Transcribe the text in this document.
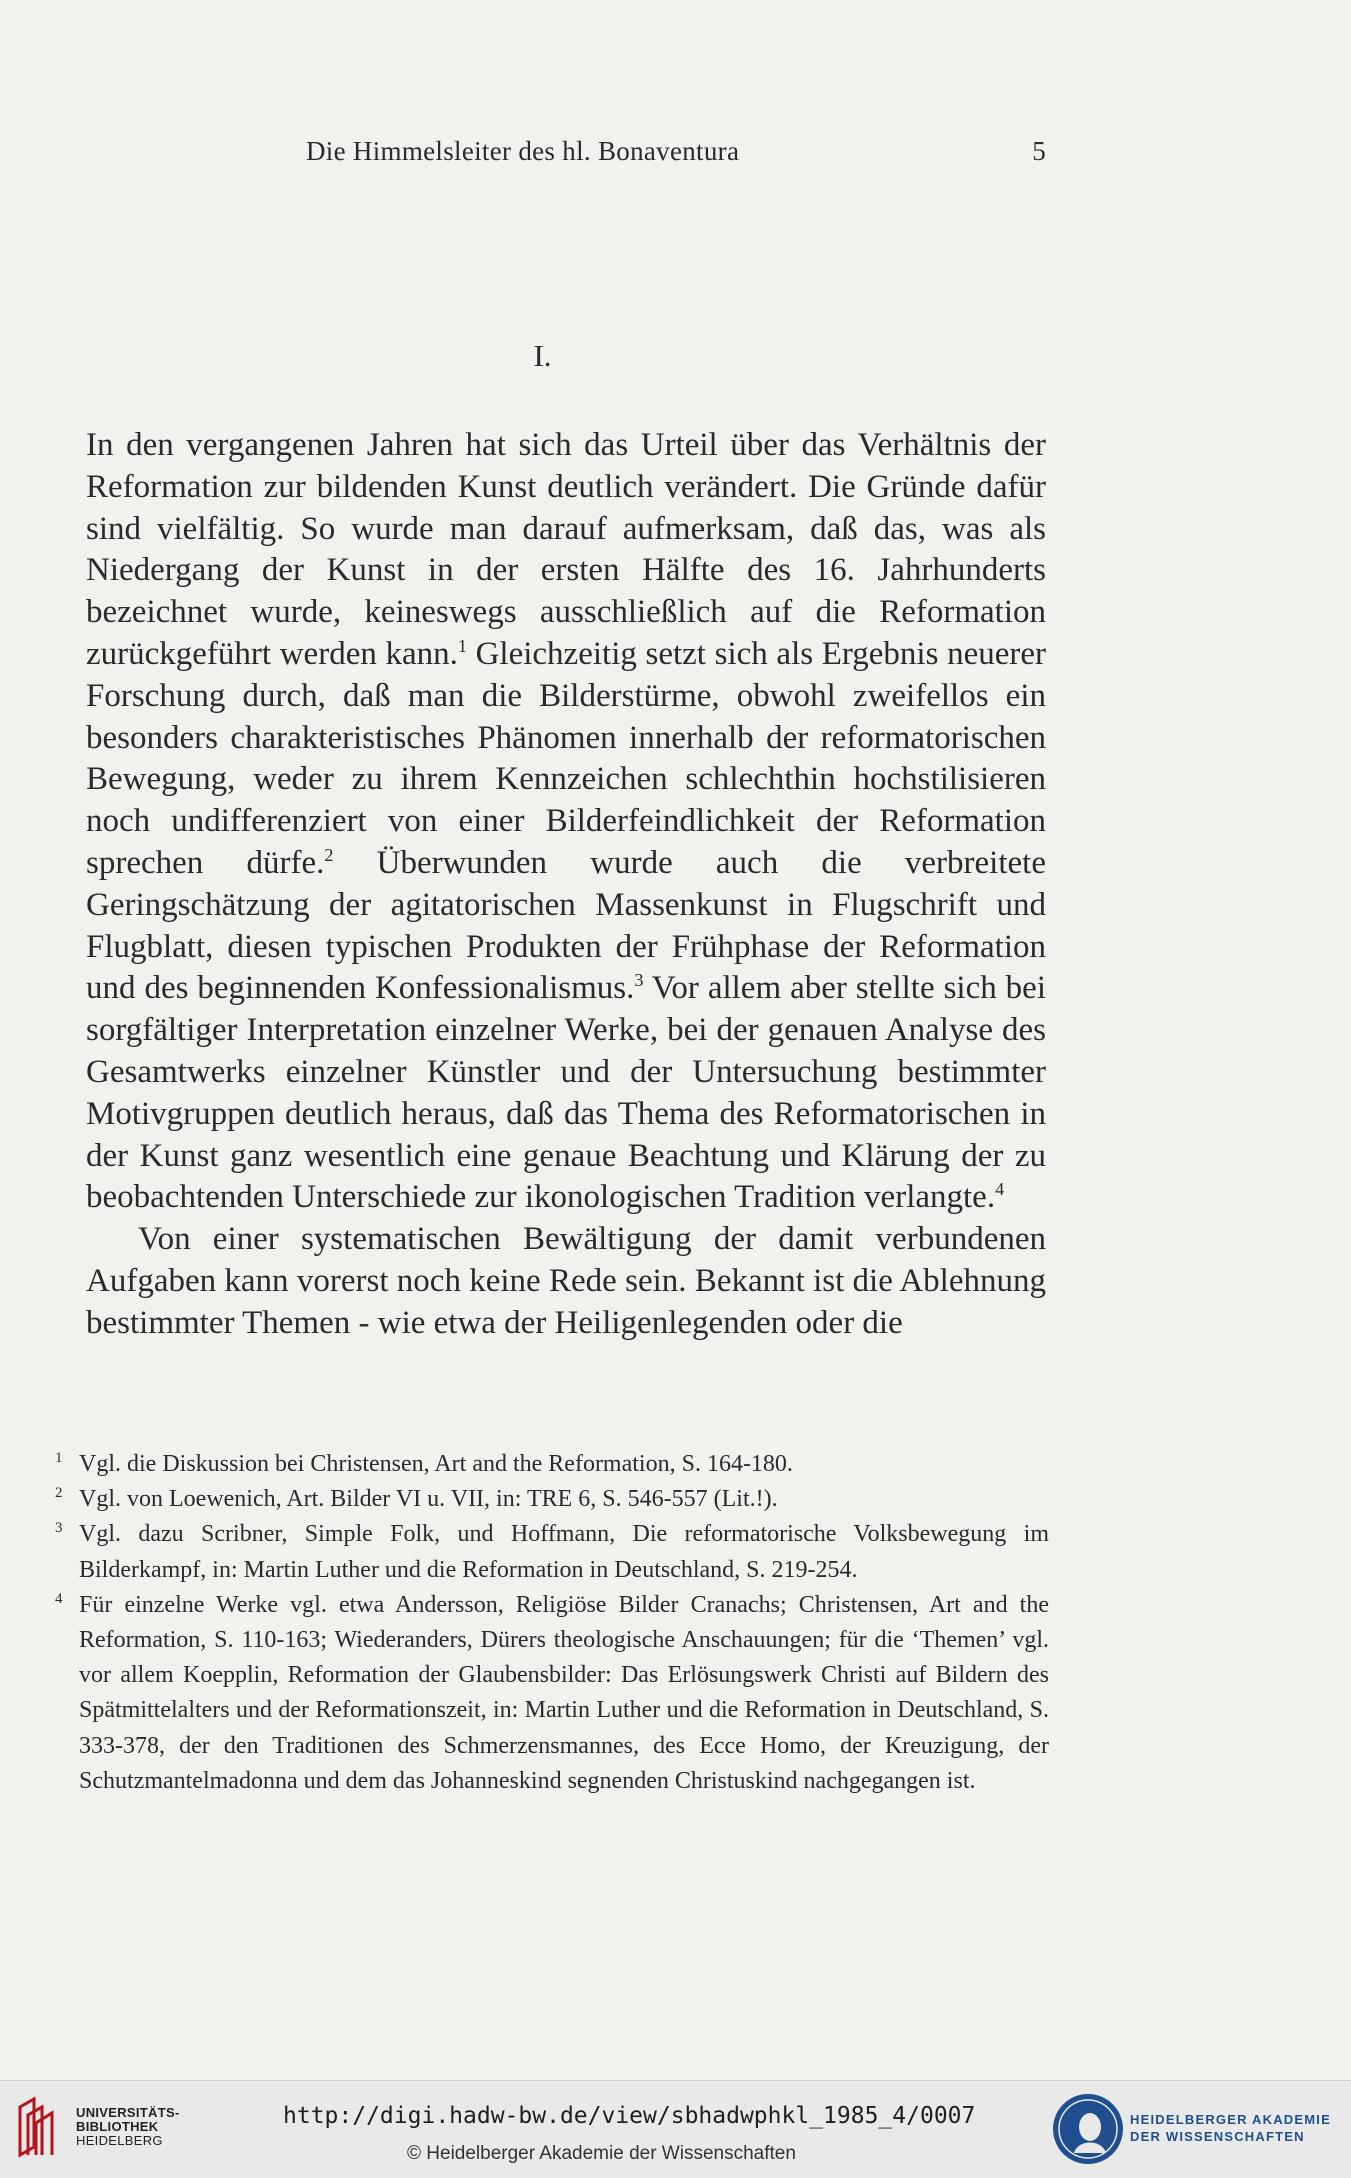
Die Himmelsleiter des hl. Bonaventura	5
I.

In den vergangenen Jahren hat sich das Urteil über das Verhältnis der Reformation zur bildenden Kunst deutlich verändert. Die Gründe dafür sind vielfältig. So wurde man darauf aufmerksam, daß das, was als Niedergang der Kunst in der ersten Hälfte des 16. Jahrhunderts bezeichnet wurde, keineswegs ausschließlich auf die Reformation zurückgeführt werden kann.$^1$ Gleichzeitig setzt sich als Ergebnis neuerer Forschung durch, daß man die Bilderstürme, obwohl zweifellos ein besonders charakteristisches Phänomen innerhalb der reformatorischen Bewegung, weder zu ihrem Kennzeichen schlechthin hochstilisieren noch undifferenziert von einer Bilderfeindlichkeit der Reformation sprechen dürfe.$^2$ Überwunden wurde auch die verbreitete Geringschätzung der agitatorischen Massenkunst in Flugschrift und Flugblatt, diesen typischen Produkten der Frühphase der Reformation und des beginnenden Konfessionalismus.$^3$ Vor allem aber stellte sich bei sorgfältiger Interpretation einzelner Werke, bei der genauen Analyse des Gesamtwerks einzelner Künstler und der Untersuchung bestimmter Motivgruppen deutlich heraus, daß das Thema des Reformatorischen in der Kunst ganz wesentlich eine genaue Beachtung und Klärung der zu beobachtenden Unterschiede zur ikonologischen Tradition verlangte.$^4$

Von einer systematischen Bewältigung der damit verbundenen Aufgaben kann vorerst noch keine Rede sein. Bekannt ist die Ablehnung bestimmter Themen - wie etwa der Heiligenlegenden oder die

1 Vgl. die Diskussion bei Christensen, Art and the Reformation, S. 164-180.
2 Vgl. von Loewenich, Art. Bilder VI u. VII, in: TRE 6, S. 546-557 (Lit.!).
3 Vgl. dazu Scribner, Simple Folk, und Hoffmann, Die reformatorische Volksbewegung im Bilderkampf, in: Martin Luther und die Reformation in Deutschland, S. 219-254.
4 Für einzelne Werke vgl. etwa Andersson, Religiöse Bilder Cranachs; Christensen, Art and the Reformation, S. 110-163; Wiederanders, Dürers theologische Anschauungen; für die ‘Themen’ vgl. vor allem Koepplin, Reformation der Glaubensbilder: Das Erlösungswerk Christi auf Bildern des Spätmittelalters und der Reformationszeit, in: Martin Luther und die Reformation in Deutschland, S. 333-378, der den Traditionen des Schmerzensmannes, des Ecce Homo, der Kreuzigung, der Schutzmantelmadonna und dem das Johanneskind segnenden Christuskind nachgegangen ist.
UNIVERSITÄTS-
BIBLIOTHEK
HEIDELBERG
http://digi.hadw-bw.de/view/sbhadwphkl_1985_4/0007
© Heidelberger Akademie der Wissenschaften
HEIDELBERGER AKADEMIE
DER WISSENSCHAFTEN
